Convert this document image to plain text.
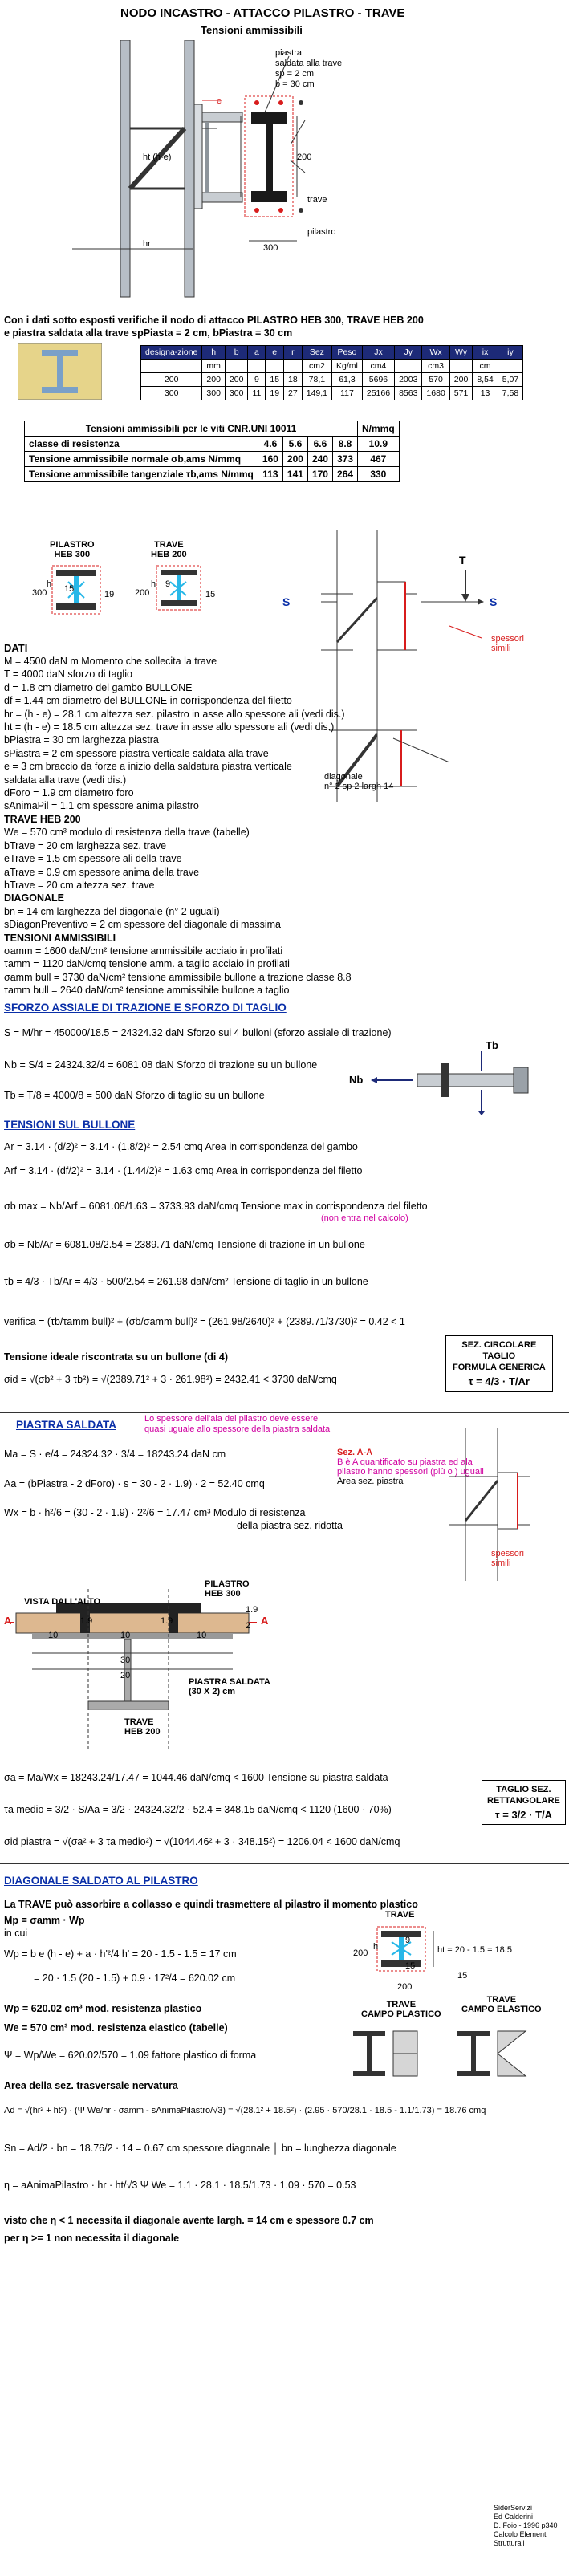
NODO INCASTRO - ATTACCO PILASTRO - TRAVE
Tensioni ammissibili
piastra
saldata alla trave
sp = 2 cm
b = 30 cm
ht (h-e)
e
hr
200
300
trave
pilastro
Con i dati sotto esposti verifiche il nodo di attacco PILASTRO HEB 300, TRAVE HEB 200
e piastra saldata alla trave spPiasta = 2 cm, bPiastra = 30 cm
designa-zione	h	b	a	e	r	Sez	Peso	Jx	Jy	Wx	Wy	ix	iy
	mm					cm2	Kg/ml	cm4		cm3		cm	
200	200	200	9	15	18	78,1	61,3	5696	2003	570	200	8,54	5,07
300	300	300	11	19	27	149,1	117	25166	8563	1680	571	13	7,58
Tensioni ammissibili per le viti CNR.UNI 10011					N/mmq
classe di resistenza	4.6	5.6	6.6	8.8	10.9
Tensione ammissibile normale σb,ams N/mmq	160	200	240	373	467
Tensione ammissibile tangenziale τb,ams N/mmq	113	141	170	264	330
PILASTRO
HEB 300
TRAVE
HEB 200
300
h 15
19 200
h 9
15
T
S	S
spessori
simili
diagonale
n° 2 sp 2 largh 14
DATI
M = 4500 daN m Momento che sollecita la trave
T = 4000 daN sforzo di taglio
d = 1.8 cm diametro del gambo BULLONE
df = 1.44 cm diametro del BULLONE in corrispondenza del filetto
hr = (h - e) = 28.1 cm altezza sez. pilastro in asse allo spessore ali (vedi dis.)
ht = (h - e) = 18.5 cm altezza sez. trave in asse allo spessore ali (vedi dis.)
bPiastra = 30 cm larghezza piastra
sPiastra = 2 cm spessore piastra verticale saldata alla trave
e = 3 cm braccio da forze a inizio della saldatura piastra verticale
saldata alla trave (vedi dis.)
dForo = 1.9 cm diametro foro
sAnimaPil = 1.1 cm spessore anima pilastro
TRAVE HEB 200
We = 570 cm³ modulo di resistenza della trave (tabelle)
bTrave = 20 cm larghezza sez. trave
eTrave = 1.5 cm spessore ali della trave
aTrave = 0.9 cm spessore anima della trave
hTrave = 20 cm altezza sez. trave
DIAGONALE
bn = 14 cm larghezza del diagonale (n° 2 uguali)
sDiagonPreventivo = 2 cm spessore del diagonale di massima
TENSIONI AMMISSIBILI
σamm = 1600 daN/cm² tensione ammissibile acciaio in profilati
τamm = 1120 daN/cmq tensione amm. a taglio acciaio in profilati
σamm bull = 3730 daN/cm² tensione ammissibile bullone a trazione classe 8.8
τamm bull = 2640 daN/cm² tensione ammissibile bullone a taglio
SFORZO ASSIALE DI TRAZIONE E SFORZO DI TAGLIO
S = M/hr = 450000/18.5 = 24324.32 daN Sforzo sui 4 bulloni (sforzo assiale di trazione)
Nb = S/4 = 24324.32/4 = 6081.08 daN Sforzo di trazione su un bullone
Tb = T/8 = 4000/8 = 500 daN Sforzo di taglio su un bullone
Nb
Tb
TENSIONI SUL BULLONE
Ar = 3.14 · (d/2)² = 3.14 · (1.8/2)² = 2.54 cmq Area in corrispondenza del gambo
Arf = 3.14 · (df/2)² = 3.14 · (1.44/2)² = 1.63 cmq Area in corrispondenza del filetto
σb max = Nb/Arf = 6081.08/1.63 = 3733.93 daN/cmq Tensione max in corrispondenza del filetto
(non entra nel calcolo)
σb = Nb/Ar = 6081.08/2.54 = 2389.71 daN/cmq Tensione di trazione in un bullone
τb = 4/3 · Tb/Ar = 4/3 · 500/2.54 = 261.98 daN/cm² Tensione di taglio in un bullone
verifica = (τb/τamm bull)² + (σb/σamm bull)² = (261.98/2640)² + (2389.71/3730)² = 0.42 < 1
Tensione ideale riscontrata su un bullone (di 4)
σid = √(σb² + 3 τb²) = √(2389.71² + 3 · 261.98²) = 2432.41 < 3730 daN/cmq
SEZ. CIRCOLARE
TAGLIO
FORMULA GENERICA
τ = 4/3 · T/Ar
PIASTRA SALDATA	Lo spessore dell'ala del pilastro deve essere
quasi uguale allo spessore della piastra saldata
Ma = S · e/4 = 24324.32 · 3/4 = 18243.24 daN cm
Aa = (bPiastra - 2 dForo) · s = 30 - 2 · 1.9) · 2 = 52.40 cmq
Wx = b · h²/6 = (30 - 2 · 1.9) · 2²/6 = 17.47 cm³ Modulo di resistenza
della piastra sez. ridotta
Sez. A-A
B è A quantificato su piastra ed ala
pilastro hanno spessori (più o ) uguali
Area sez. piastra
spessori
simili
VISTA DALL'ALTO
PILASTRO
HEB 300
PIASTRA SALDATA
(30 X 2) cm
TRAVE
HEB 200
10	10	10
1.9	1.9
1.9
2
30
20
A	A
σa = Ma/Wx = 18243.24/17.47 = 1044.46 daN/cmq < 1600 Tensione su piastra saldata
τa medio = 3/2 · S/Aa = 3/2 · 24324.32/2 · 52.4 = 348.15 daN/cmq < 1120 (1600 · 70%)
σid piastra = √(σa² + 3 τa medio²) = √(1044.46² + 3 · 348.15²) = 1206.04 < 1600 daN/cmq
TAGLIO SEZ.
RETTANGOLARE
τ = 3/2 · T/A
DIAGONALE SALDATO AL PILASTRO
La TRAVE può assorbire a collasso e quindi trasmettere al pilastro il momento plastico
Mp = σamm · Wp
in cui
Wp = b e (h - e) + a · h'²/4 h' = 20 - 1.5 - 1.5 = 17 cm
= 20 · 1.5 (20 - 1.5) + 0.9 · 17²/4 = 620.02 cm
Wp = 620.02 cm³ mod. resistenza plastico
We = 570 cm³ mod. resistenza elastico (tabelle)
Ψ = Wp/We = 620.02/570 = 1.09 fattore plastico di forma
Area della sez. trasversale nervatura
Ad = √(hr² + ht²) · (Ψ We/hr · σamm - sAnimaPilastro/√3) = √(28.1² + 18.5²) · (2.95 · 570/28.1 · 18.5 - 1.1/1.73) = 18.76 cmq
Sn = Ad/2 · bn = 18.76/2 · 14 = 0.67 cm spessore diagonale │ bn = lunghezza diagonale
η = aAnimaPilastro · hr · ht/√3 Ψ We = 1.1 · 28.1 · 18.5/1.73 · 1.09 · 570 = 0.53
visto che η < 1 necessita il diagonale avente largh. = 14 cm e spessore 0.7 cm
per η >= 1 non necessita il diagonale
TRAVE
200
h
9
15
ht = 20 - 1.5 = 18.5
15
200
TRAVE
CAMPO PLASTICO
TRAVE
CAMPO ELASTICO
SiderServizi
Ed Calderini
D. Foio - 1996 p340
Calcolo Elementi Strutturali
